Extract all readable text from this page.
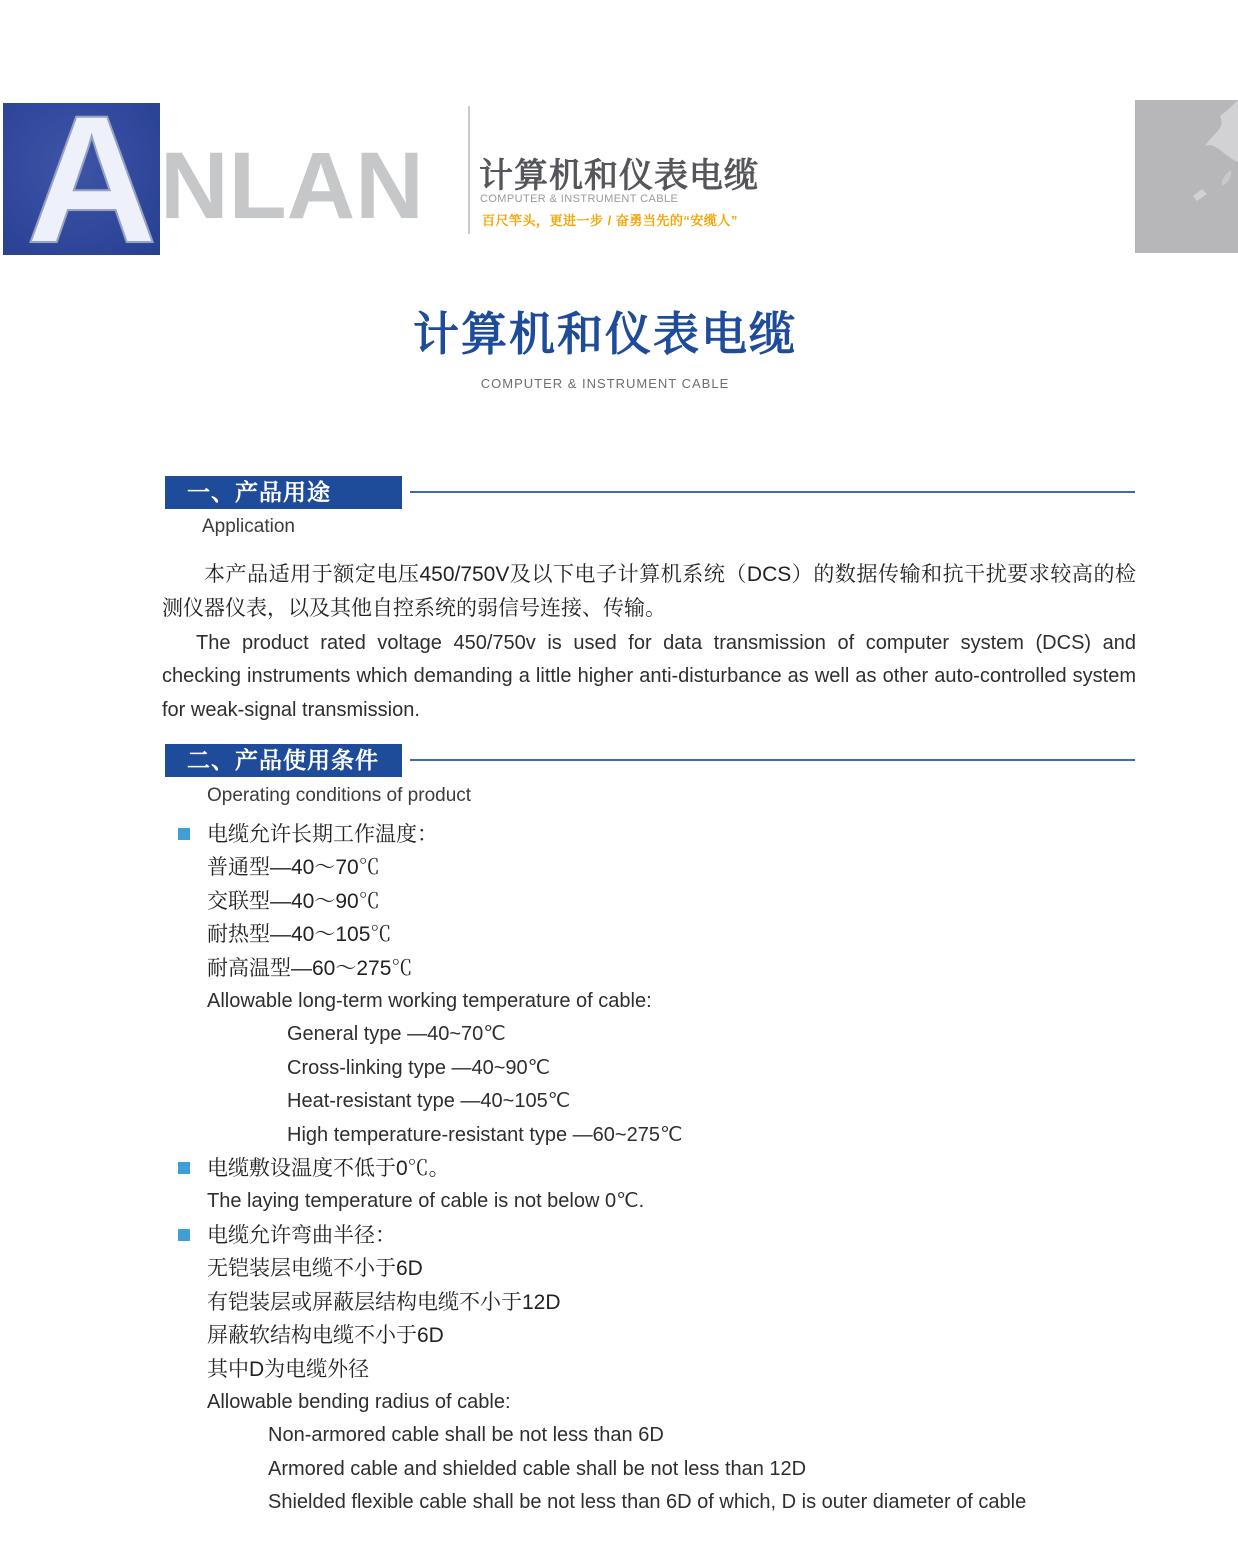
A NLAN 计算机和仪表电缆
COMPUTER & INSTRUMENT CABLE
百尺竿头，更进一步 / 奋勇当先的“安缆人”
计算机和仪表电缆
COMPUTER & INSTRUMENT CABLE
一、产品用途
Application
本产品适用于额定电压450/750V及以下电子计算机系统（DCS）的数据传输和抗干扰要求较高的检测仪器仪表，以及其他自控系统的弱信号连接、传输。
The product rated voltage 450/750v is used for data transmission of computer system (DCS) and checking instruments which demanding a little higher anti-disturbance as well as other auto-controlled system for weak-signal transmission.
二、产品使用条件
Operating conditions of product
电缆允许长期工作温度：
普通型—40～70℃
交联型—40～90℃
耐热型—40～105℃
耐高温型—60～275℃
Allowable long-term working temperature of cable:
General type —40~70℃
Cross-linking type —40~90℃
Heat-resistant type —40~105℃
High temperature-resistant type —60~275℃
电缆敷设温度不低于0℃。
The laying temperature of cable is not below 0℃.
电缆允许弯曲半径：
无铠装层电缆不小于6D
有铠装层或屏蔽层结构电缆不小于12D
屏蔽软结构电缆不小于6D
其中D为电缆外径
Allowable bending radius of cable:
Non-armored cable shall be not less than 6D
Armored cable and shielded cable shall be not less than 12D
Shielded flexible cable shall be not less than 6D of which, D is outer diameter of cable
